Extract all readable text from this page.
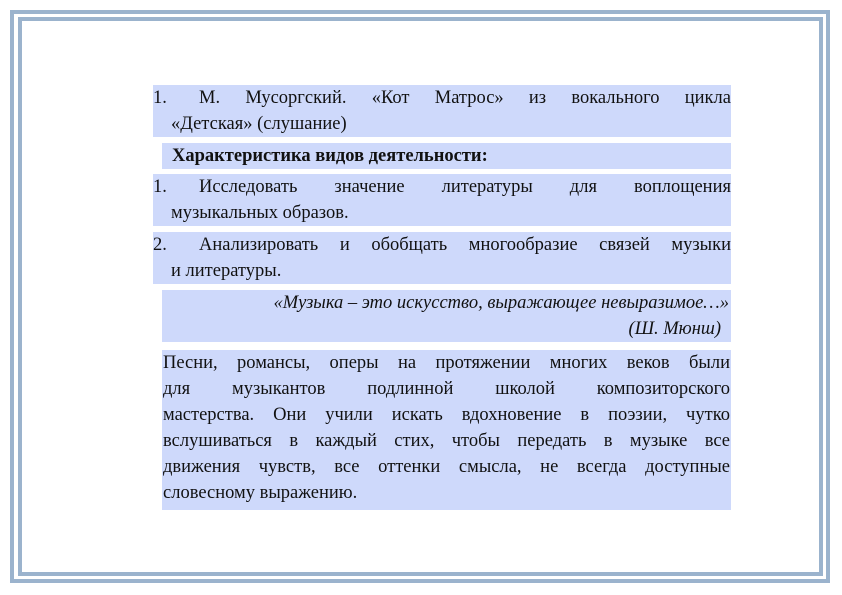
1.	М. Мусоргский. «Кот Матрос» из вокального цикла
«Детская» (слушание)
Характеристика видов деятельности:
1.	Исследовать значение литературы для воплощения
музыкальных образов.
2.	Анализировать и обобщать многообразие связей музыки
и литературы.
«Музыка – это искусство, выражающее невыразимое…»
(Ш. Мюнш)
Песни, романсы, оперы на протяжении многих веков были
для музыкантов подлинной школой композиторского
мастерства. Они учили искать вдохновение в поэзии, чутко
вслушиваться в каждый стих, чтобы передать в музыке все
движения чувств, все оттенки смысла, не всегда доступные
словесному выражению.
